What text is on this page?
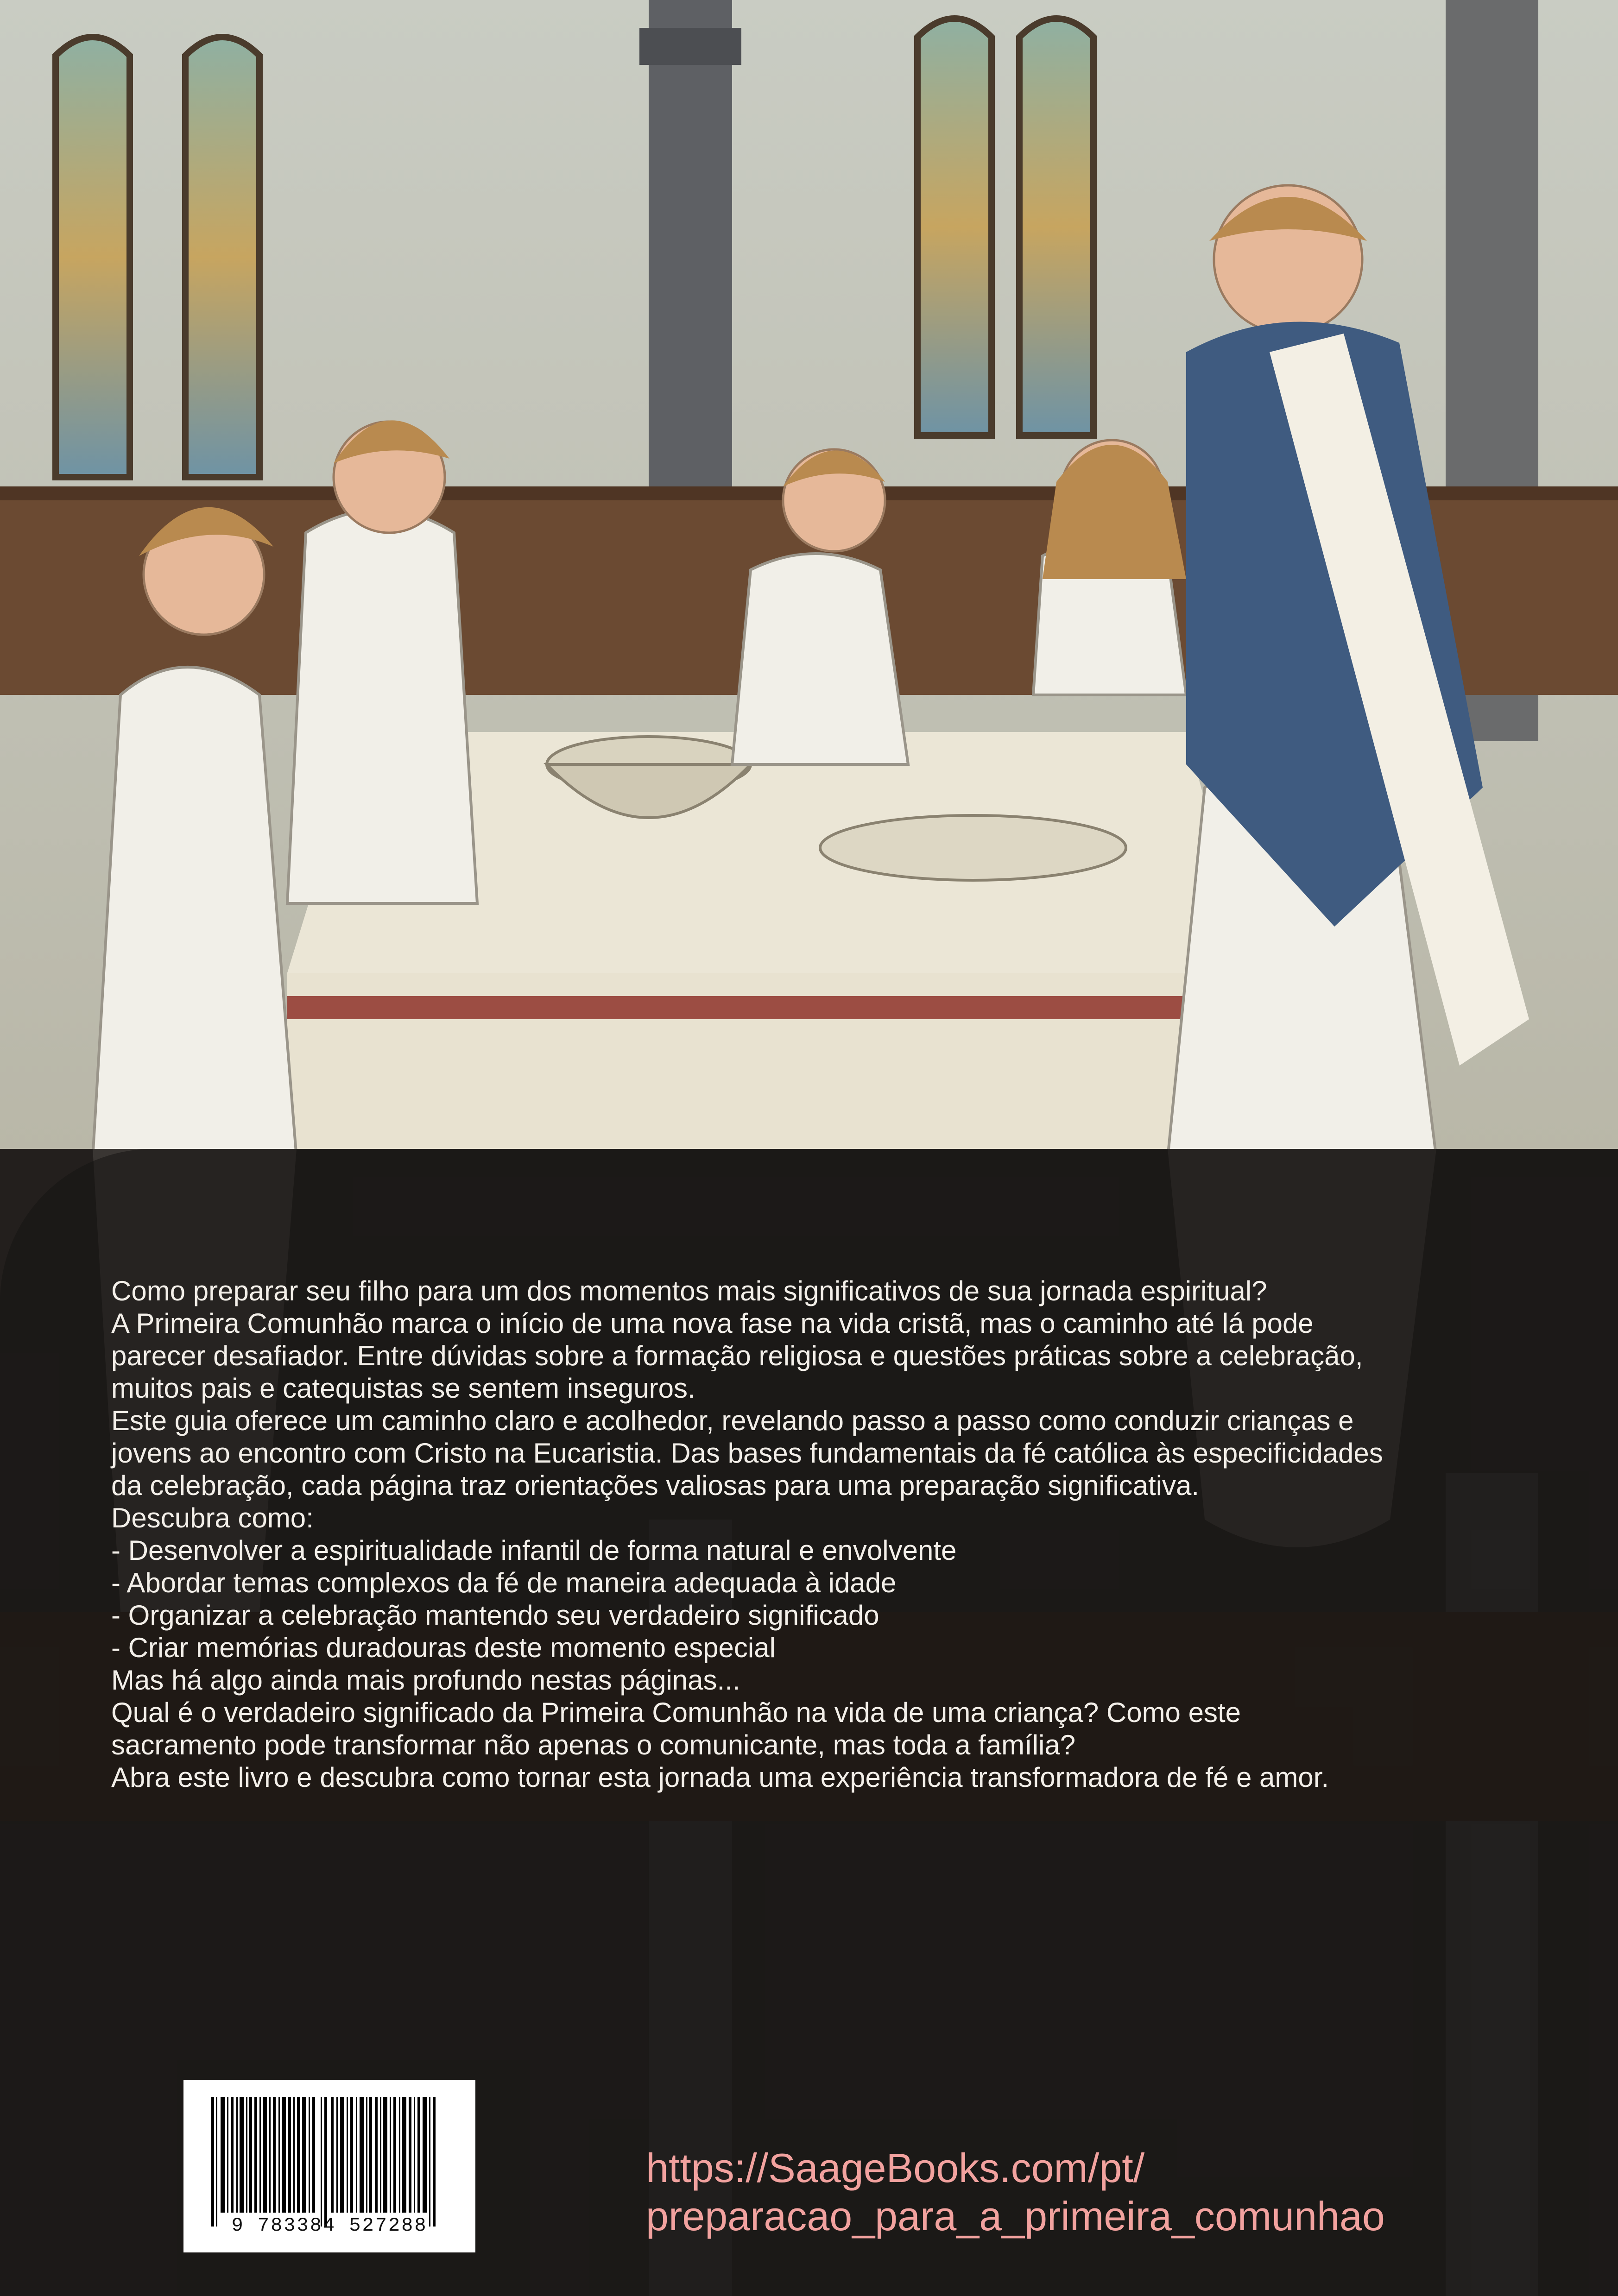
Como preparar seu filho para um dos momentos mais significativos de sua jornada espiritual?

A Primeira Comunhão marca o início de uma nova fase na vida cristã, mas o caminho até lá pode

parecer desafiador. Entre dúvidas sobre a formação religiosa e questões práticas sobre a celebração,

muitos pais e catequistas se sentem inseguros.

Este guia oferece um caminho claro e acolhedor, revelando passo a passo como conduzir crianças e

jovens ao encontro com Cristo na Eucaristia. Das bases fundamentais da fé católica às especificidades

da celebração, cada página traz orientações valiosas para uma preparação significativa.

Descubra como:

- Desenvolver a espiritualidade infantil de forma natural e envolvente

- Abordar temas complexos da fé de maneira adequada à idade

- Organizar a celebração mantendo seu verdadeiro significado

- Criar memórias duradouras deste momento especial

Mas há algo ainda mais profundo nestas páginas...

Qual é o verdadeiro significado da Primeira Comunhão na vida de uma criança? Como este

sacramento pode transformar não apenas o comunicante, mas toda a família?

Abra este livro e descubra como tornar esta jornada uma experiência transformadora de fé e amor.

9 783384 527288

https://SaageBooks.com/pt/

preparacao_para_a_primeira_comunhao
